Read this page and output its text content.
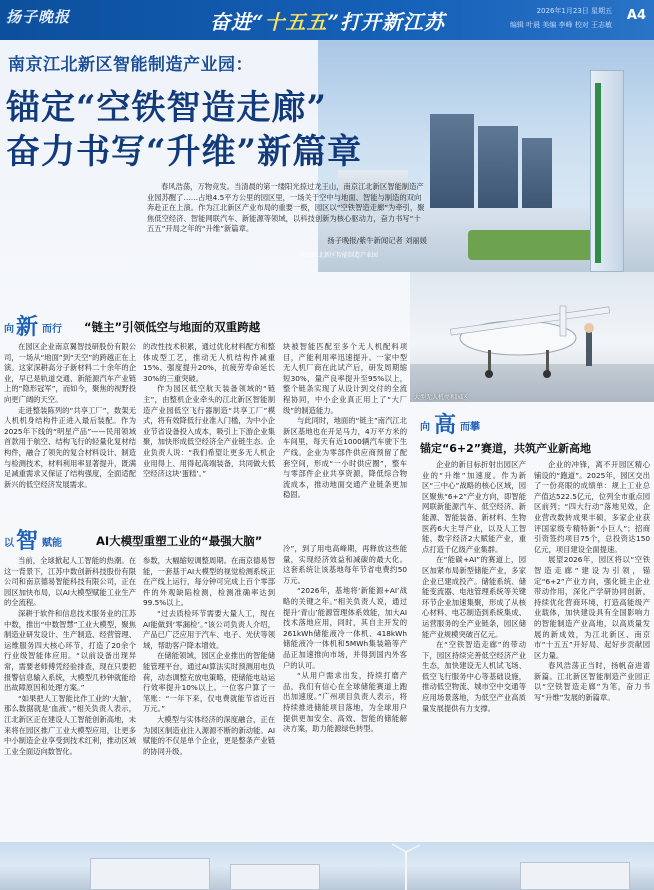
扬子晚报	奋进“十五五”打开新江苏	2026年1月23日 星期五
编辑 叶晨 美编 李峰 校对 王志敏
A4
南京江北新区智能制造产业园
南京江北新区智能制造产业园：
锚定“空铁智造走廊”
奋力书写“升维”新篇章
春风浩荡，万物竞发。当清晨的第一缕阳光掠过龙王山，南京江北新区智能制造产业园苏醒了……占地4.5平方公里的园区里，一场关于空中与地面、智能与制造的双向奔赴正在上演。作为江北新区产业布局的重要一极，园区以“空铁智造走廊”为牵引，聚焦低空经济、智能网联汽车、新能源等领域，以科技创新为核心驱动力，奋力书写“十五五”开局之年的“升维”新篇章。
扬子晚报/紫牛新闻记者 刘丽媛
大型无人机亮相园区
向 新 而行 “链主”引领低空与地面的双重跨越

在园区企业南京翼智技研股份有限公司，一场从“地面”到“天空”的跨越正在上演。这家深耕高分子新材料二十余年的企业，早已是轨道交通、新能源汽车产业链上的“隐形冠军”，而如今，聚焦的视野投向更广阔的天空。

走进整装陈列的“共享工厂”，数架无人机机身结构件正进入最后装配。作为2025年下线的“明星产品”——民用领域首款用于航空、结构飞行的轻量化复材结构件，融合了领先的复合材料设计、制造与检测技术，材料利用率显著提升，既满足减重需求又保证了结构强度，全面适配新兴的低空经济发展需求。

的改性技术积累，通过优化材料配方和整体成型工艺，推动无人机结构件减重15%、强度提升20%，抗疲劳寿命延长30%的三重突破。

作为园区低空航天装备领域的“链主”，由整机企业牵头的江北新区智能制造产业园低空飞行器制造“共享工厂”模式，将有效降低行业准入门槛，为中小企业节省设备投入成本，吸引上下游企业集聚，加快形成低空经济全产业链生态。企业负责人说：“我们希望让更多无人机企业用得上、用得起高端装备，共同做大低空经济这块‘蛋糕’。”

块被智能匹配至多个无人机配料项目，产能利用率迅速提升。一家中型无人机厂商在此试产后，研发周期缩短30%，量产良率提升至95%以上，整个链条实现了从设计到交付的全流程协同，中小企业真正用上了“大厂级”的制造能力。

与此同时，地面的“链主”南汽江北新区基地也在开足马力，4万平方米的车间里，每天有近1000辆汽车驶下生产线。企业为零部件供应商预留了配套空间，形成“一小时供应圈”，整车与零部件企业共享资源，降低综合物流成本，推动地面交通产业链条更加稳固。

以 智 赋能	AI大模型重塑工业的“最强大脑”

当前，全球掀起人工智能的热潮。在这一背景下，江苏中数创新科技股份有限公司和南京德易智能科技有限公司，正在园区加快布局，以AI大模型赋能工业生产的全流程。

深耕于软件和信息技术服务业的江苏中数，推出“中数智慧”工业大模型，聚焦制造业研发设计、生产制造、经营管理、运维服务四大核心环节，打造了20余个行业级智能体应用。“以前设备出现异常，需要老师傅凭经验排查，现在只要把报警信息输入系统，大模型几秒钟就能给出故障原因和处理方案。”

“如果把人工智能比作工业的‘大脑’，那么数据就是‘血液’。”相关负责人表示，江北新区正在建设人工智能创新高地，未来将在园区推广工业大模型应用，让更多中小制造企业享受到技术红利，推动区域工业全面迈向数智化。

参数，大幅缩短调整周期。在南京德易智能，一套基于AI大模型的视觉检测系统正在产线上运行，每分钟可完成上百个零部件的外观缺陷检测，检测准确率达到99.5%以上。

“过去质检环节需要大量人工，现在AI能做到‘零漏检’。”该公司负责人介绍，产品已广泛应用于汽车、电子、光伏等领域，帮助客户降本增效。

在储能领域，园区企业推出的智能储能管理平台，通过AI算法实时预测用电负荷，动态调整充放电策略，使储能电站运行效率提升10%以上。一位客户算了一笔账：“一年下来，仅电费就能节省近百万元。”

大模型与实体经济的深度融合，正在为园区制造业注入源源不断的新动能。AI赋能的不仅是单个企业，更是整条产业链的协同升级。

冷”，到了用电高峰期，再释放这些能量，实现经济效益和减碳的最大化。这套系统让该基地每年节省电费约50万元。

“2026年，基地将‘新能源+AI’战略的关键之年。”相关负责人说，通过提升‘青山’能源管理体系效能，加大AI技术落地应用，同时，其自主开发的261kWh储能液冷一体机、418kWh储能液冷一体机和5MWh集装箱等产品正加速推向市场，并得到国内外客户的认可。

“从用户需求出发，持续打磨产品，我们有信心在全球储能赛道上跑出加速度。”广州项目负责人表示，将持续推进储能项目落地，为全球用户提供更加安全、高效、智能的储能解决方案，助力能源绿色转型。

向 高 而攀
锚定“6+2”赛道，共筑产业新高地

企业的新目标折射出园区产业的“升维”加速度。作为新区“三中心”战略的核心区域，园区聚焦“6+2”产业方向，即智能网联新能源汽车、低空经济、新能源、智能装备、新材料、生物医药6大主导产业，以及人工智能、数字经济2大赋能产业，重点打造千亿级产业集群。

在“能碳+AI”的赛道上，园区加紧布局新型储能产业，多家企业已建成投产。储能系统、储能变流器、电池管理系统等关键环节企业加速集聚，形成了从核心材料、电芯制造到系统集成、运营服务的全产业链条，园区储能产业规模突破百亿元。

在“空铁智造走廊”的带动下，园区持续完善低空经济产业生态，加快建设无人机试飞场、低空飞行服务中心等基础设施，推动低空物流、城市空中交通等应用场景落地，为低空产业高质量发展提供有力支撑。

企业的冲锋，离不开园区精心铺设的“跑道”。2025年，园区交出了一份亮眼的成绩单：规上工业总产值达522.5亿元，位列全市重点园区前列；“四大行动”落地见效，企业营改数转成果丰硕，多家企业获评国家级专精特新“小巨人”；招商引资签约项目75个，总投资达150亿元，项目建设全面提速。

展望2026年，园区将以“空铁智造走廊”建设为引领，锚定“6+2”产业方向，强化链主企业带动作用，深化产学研协同创新，持续优化营商环境，打造高能级产业载体，加快建设具有全国影响力的智能制造产业高地，以高质量发展的新成效，为江北新区、南京市“十五五”开好局、起好步贡献园区力量。

春风浩荡正当时，扬帆奋进谱新篇。江北新区智能制造产业园正以“空铁智造走廊”为笔，奋力书写“升维”发展的新篇章。
